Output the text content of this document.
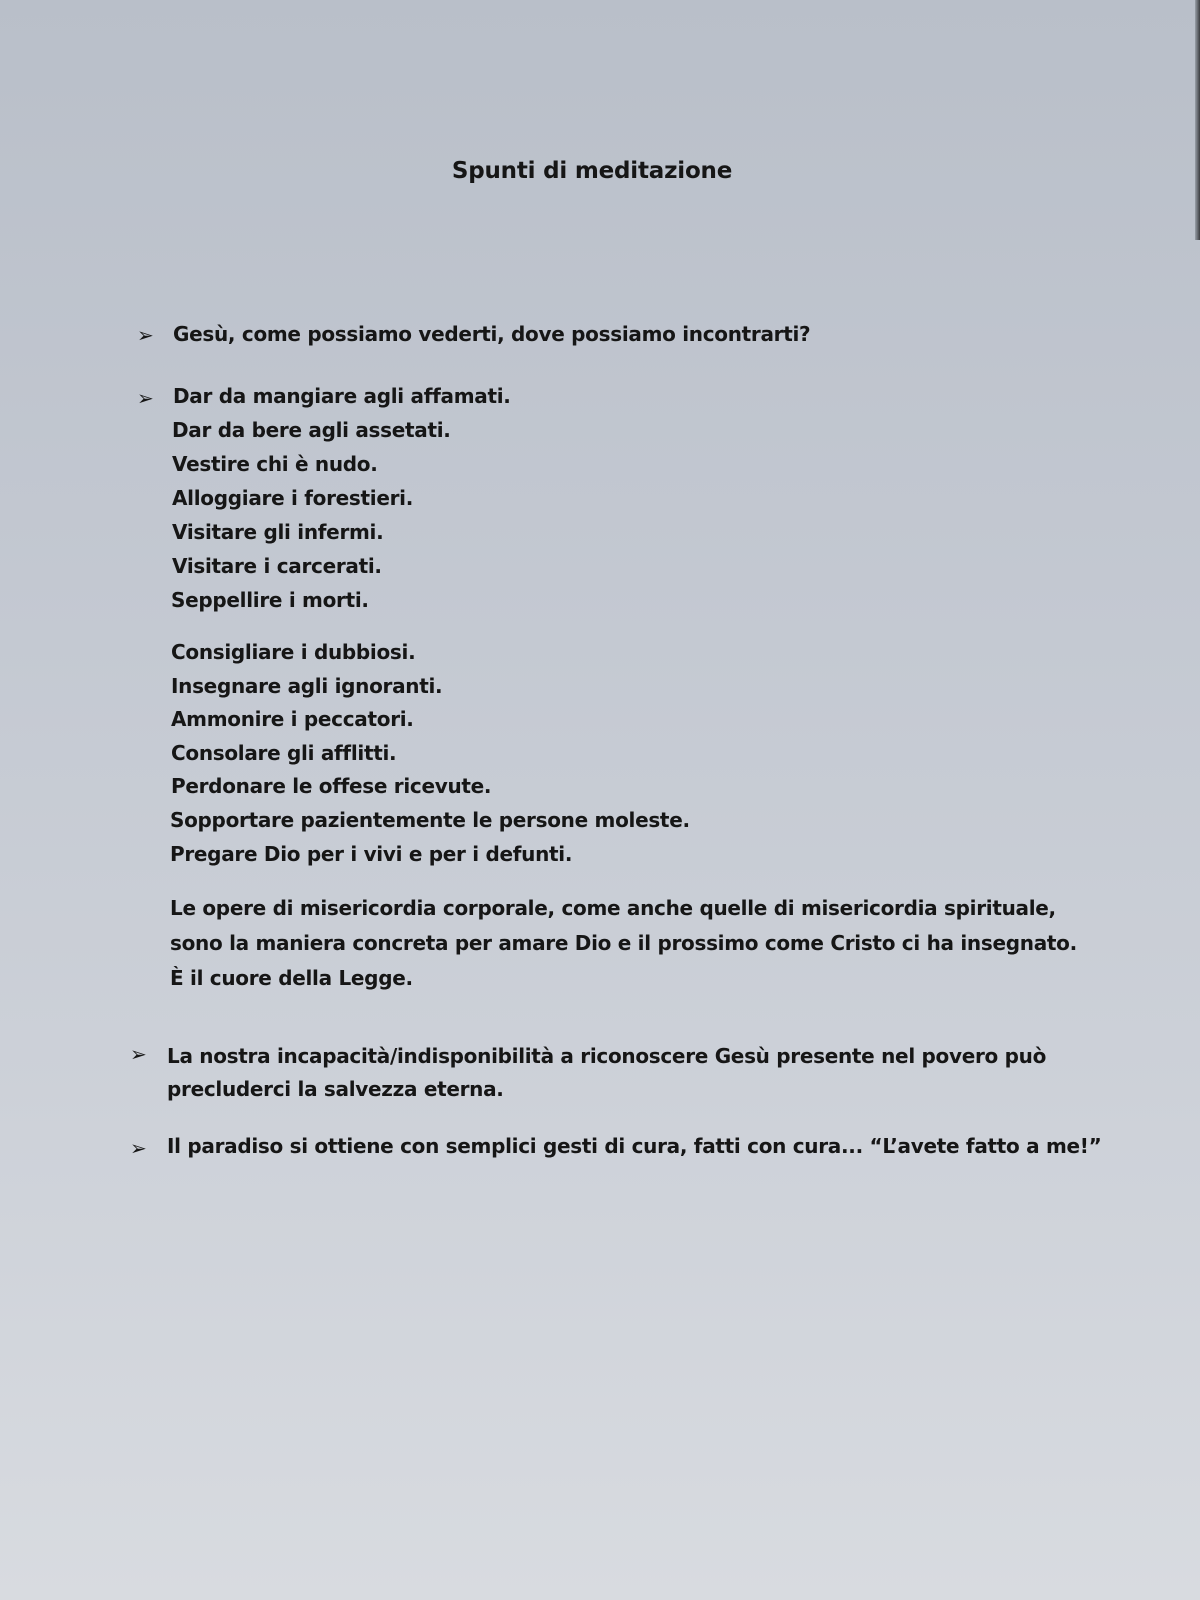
Spunti di meditazione
➢ Gesù, come possiamo vederti, dove possiamo incontrarti?
➢ Dar da mangiare agli affamati.
Dar da bere agli assetati.
Vestire chi è nudo.
Alloggiare i forestieri.
Visitare gli infermi.
Visitare i carcerati.
Seppellire i morti.
Consigliare i dubbiosi.
Insegnare agli ignoranti.
Ammonire i peccatori.
Consolare gli afflitti.
Perdonare le offese ricevute.
Sopportare pazientemente le persone moleste.
Pregare Dio per i vivi e per i defunti.
Le opere di misericordia corporale, come anche quelle di misericordia spirituale, sono la maniera concreta per amare Dio e il prossimo come Cristo ci ha insegnato. È il cuore della Legge.
➢ La nostra incapacità/indisponibilità a riconoscere Gesù presente nel povero può precluderci la salvezza eterna.
➢ Il paradiso si ottiene con semplici gesti di cura, fatti con cura... “L’avete fatto a me!”
